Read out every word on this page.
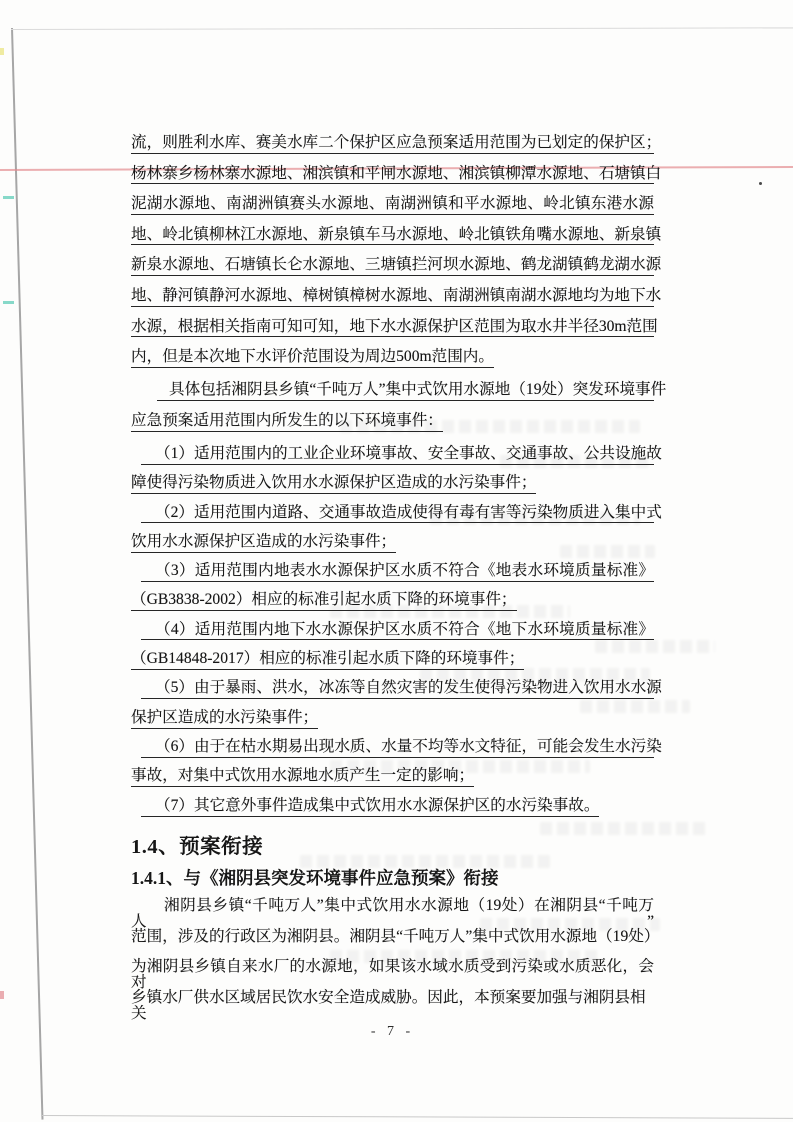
流，则胜利水库、赛美水库二个保护区应急预案适用范围为已划定的保护区；
杨林寨乡杨林寨水源地、湘滨镇和平闸水源地、湘滨镇柳潭水源地、石塘镇白
泥湖水源地、南湖洲镇赛头水源地、南湖洲镇和平水源地、岭北镇东港水源
地、岭北镇柳林江水源地、新泉镇车马水源地、岭北镇铁角嘴水源地、新泉镇
新泉水源地、石塘镇长仑水源地、三塘镇拦河坝水源地、鹤龙湖镇鹤龙湖水源
地、静河镇静河水源地、樟树镇樟树水源地、南湖洲镇南湖水源地均为地下水
水源，根据相关指南可知可知，地下水水源保护区范围为取水井半径30m范围
内，但是本次地下水评价范围设为周边500m范围内。
具体包括湘阴县乡镇“千吨万人”集中式饮用水源地（19处）突发环境事件
应急预案适用范围内所发生的以下环境事件：
（1）适用范围内的工业企业环境事故、安全事故、交通事故、公共设施故
障使得污染物质进入饮用水水源保护区造成的水污染事件；
（2）适用范围内道路、交通事故造成使得有毒有害等污染物质进入集中式
饮用水水源保护区造成的水污染事件；
（3）适用范围内地表水水源保护区水质不符合《地表水环境质量标准》
（GB3838-2002）相应的标准引起水质下降的环境事件；
（4）适用范围内地下水水源保护区水质不符合《地下水环境质量标准》
（GB14848-2017）相应的标准引起水质下降的环境事件；
（5）由于暴雨、洪水，冰冻等自然灾害的发生使得污染物进入饮用水水源
保护区造成的水污染事件；
（6）由于在枯水期易出现水质、水量不均等水文特征，可能会发生水污染
事故，对集中式饮用水源地水质产生一定的影响；
（7）其它意外事件造成集中式饮用水水源保护区的水污染事故。
1.4、预案衔接
1.4.1、与《湘阴县突发环境事件应急预案》衔接
湘阴县乡镇“千吨万人”集中式饮用水水源地（19处）在湘阴县“千吨万人”
范围，涉及的行政区为湘阴县。湘阴县“千吨万人”集中式饮用水源地（19处）
为湘阴县乡镇自来水厂的水源地，如果该水域水质受到污染或水质恶化，会对
乡镇水厂供水区域居民饮水安全造成威胁。因此，本预案要加强与湘阴县相关
- 7 -
